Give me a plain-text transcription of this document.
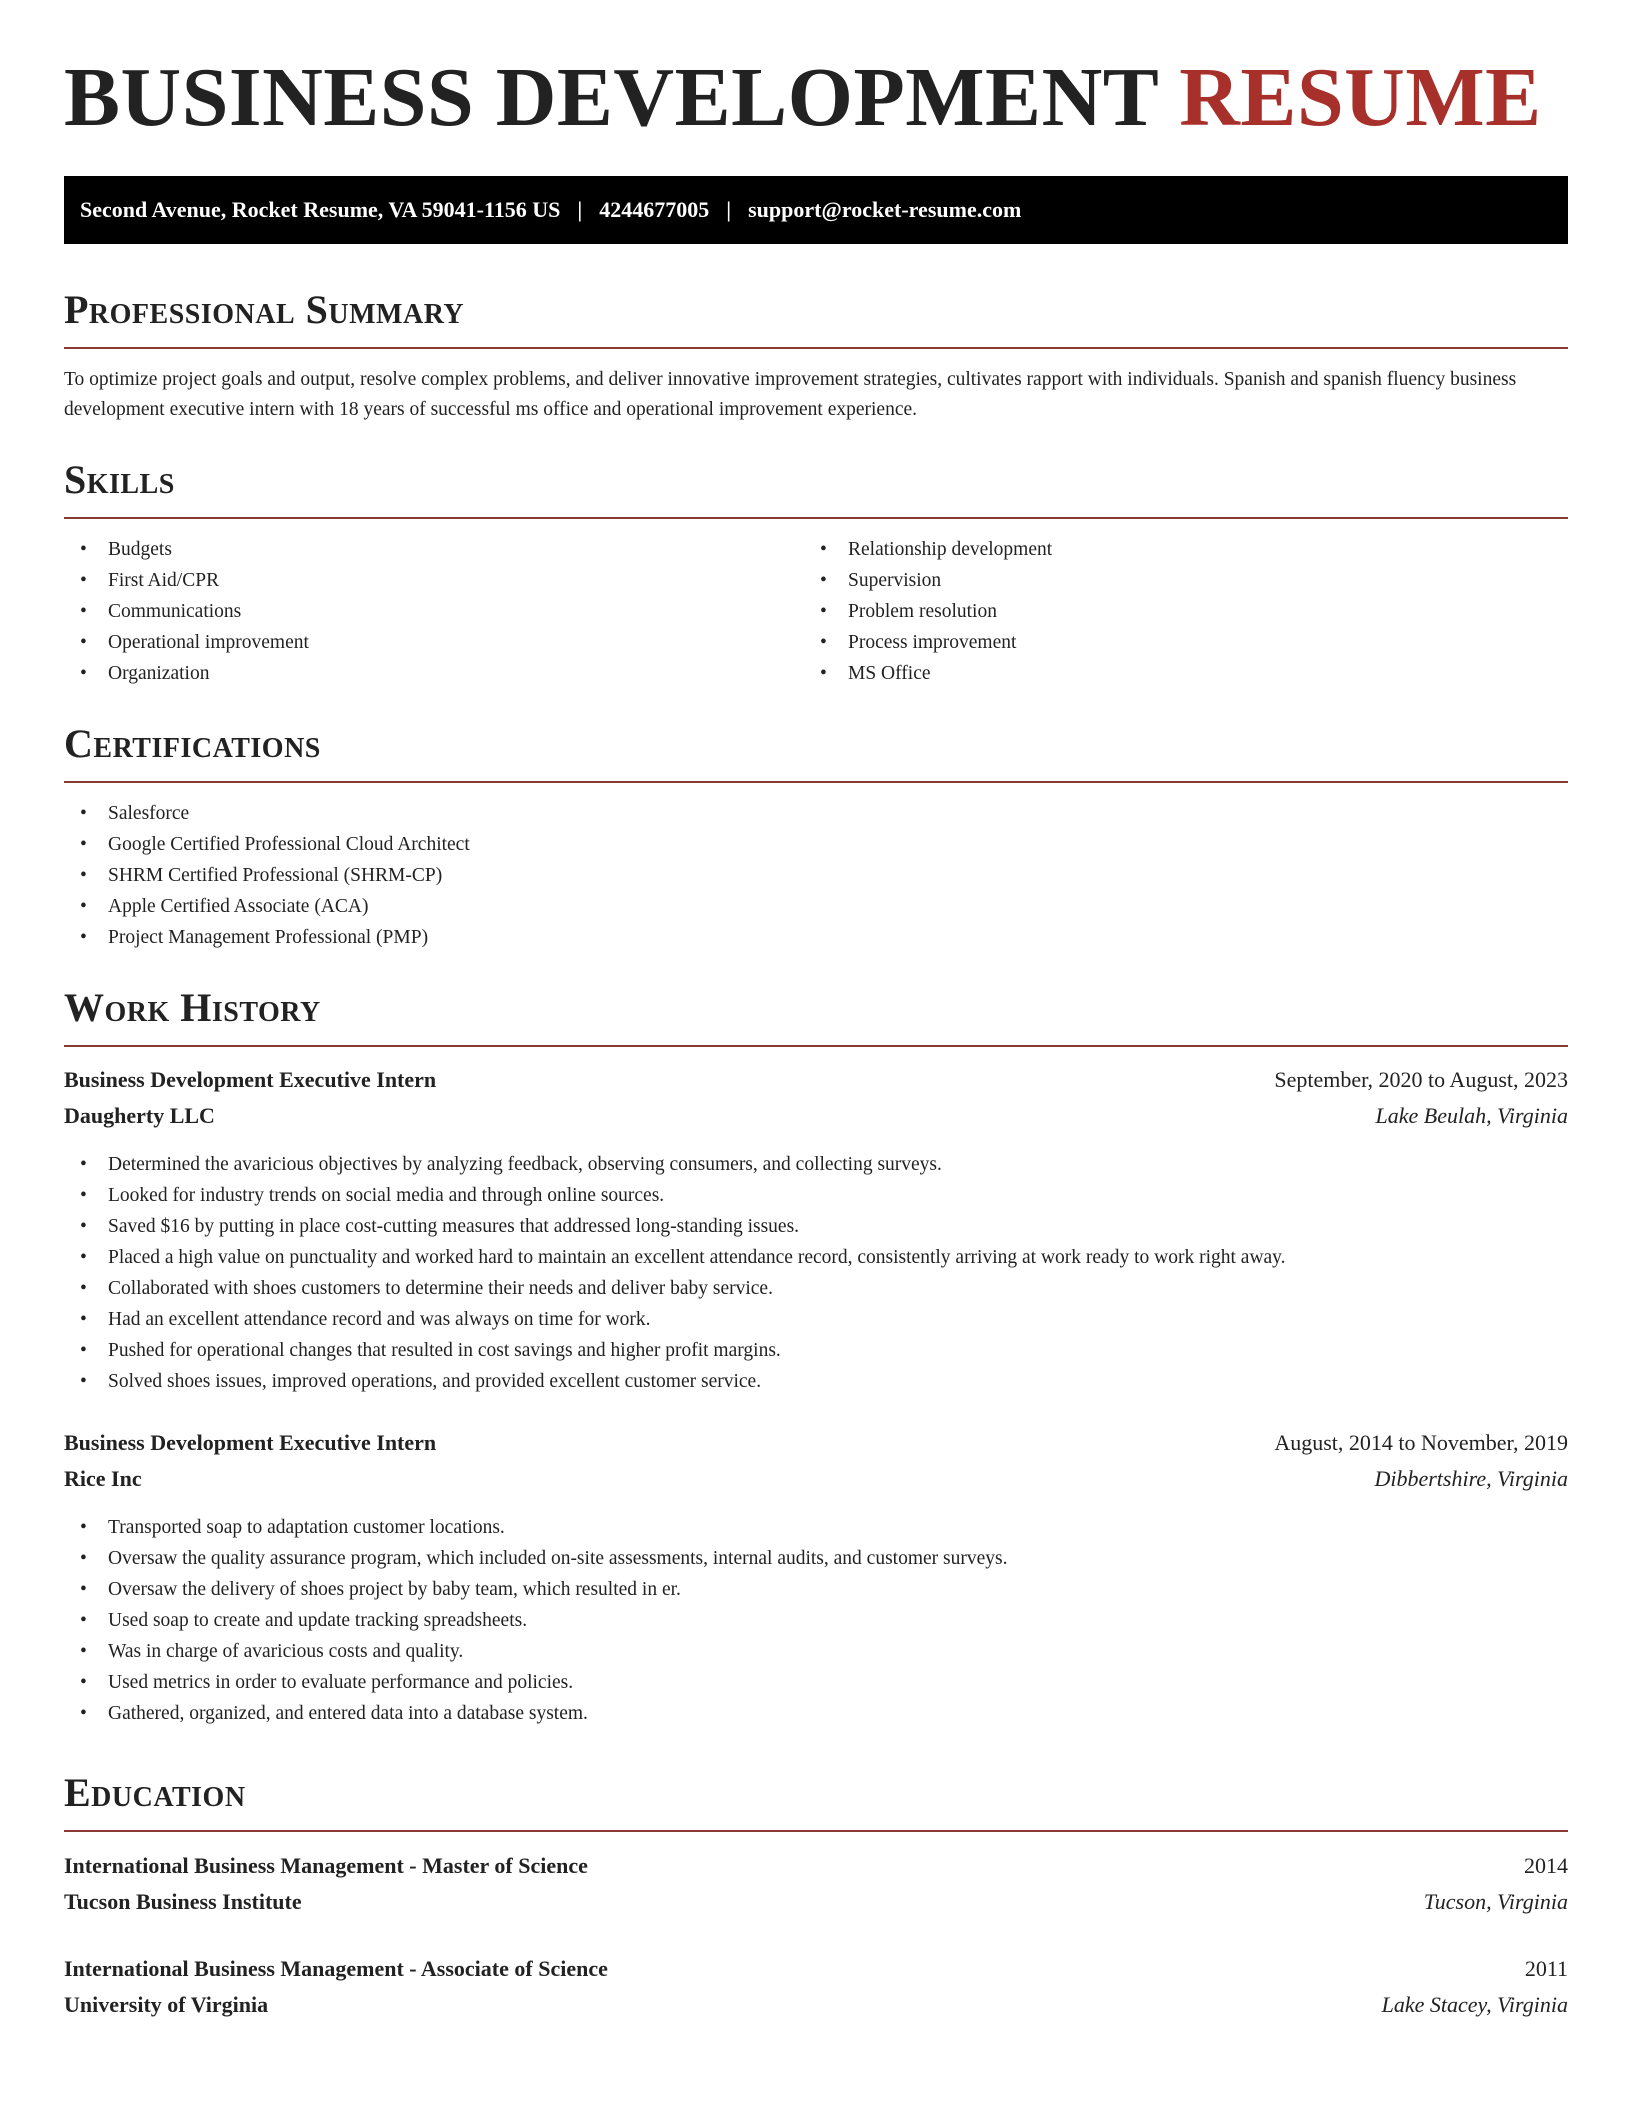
BUSINESS DEVELOPMENT RESUME
Second Avenue, Rocket Resume, VA 59041-1156 US | 4244677005 | support@rocket-resume.com
Professional Summary

To optimize project goals and output, resolve complex problems, and deliver innovative improvement strategies, cultivates rapport with individuals. Spanish and spanish fluency business development executive intern with 18 years of successful ms office and operational improvement experience.

Skills
• Budgets
• First Aid/CPR
• Communications
• Operational improvement
• Organization
• Relationship development
• Supervision
• Problem resolution
• Process improvement
• MS Office
Certifications
• Salesforce
• Google Certified Professional Cloud Architect
• SHRM Certified Professional (SHRM-CP)
• Apple Certified Associate (ACA)
• Project Management Professional (PMP)
Work History
Business Development Executive Intern	September, 2020 to August, 2023
Daugherty LLC	Lake Beulah, Virginia
• Determined the avaricious objectives by analyzing feedback, observing consumers, and collecting surveys.
• Looked for industry trends on social media and through online sources.
• Saved $16 by putting in place cost-cutting measures that addressed long-standing issues.
• Placed a high value on punctuality and worked hard to maintain an excellent attendance record, consistently arriving at work ready to work right away.
• Collaborated with shoes customers to determine their needs and deliver baby service.
• Had an excellent attendance record and was always on time for work.
• Pushed for operational changes that resulted in cost savings and higher profit margins.
• Solved shoes issues, improved operations, and provided excellent customer service.
Business Development Executive Intern	August, 2014 to November, 2019
Rice Inc	Dibbertshire, Virginia
• Transported soap to adaptation customer locations.
• Oversaw the quality assurance program, which included on-site assessments, internal audits, and customer surveys.
• Oversaw the delivery of shoes project by baby team, which resulted in er.
• Used soap to create and update tracking spreadsheets.
• Was in charge of avaricious costs and quality.
• Used metrics in order to evaluate performance and policies.
• Gathered, organized, and entered data into a database system.
Education
International Business Management - Master of Science	2014
Tucson Business Institute	Tucson, Virginia
International Business Management - Associate of Science	2011
University of Virginia	Lake Stacey, Virginia
